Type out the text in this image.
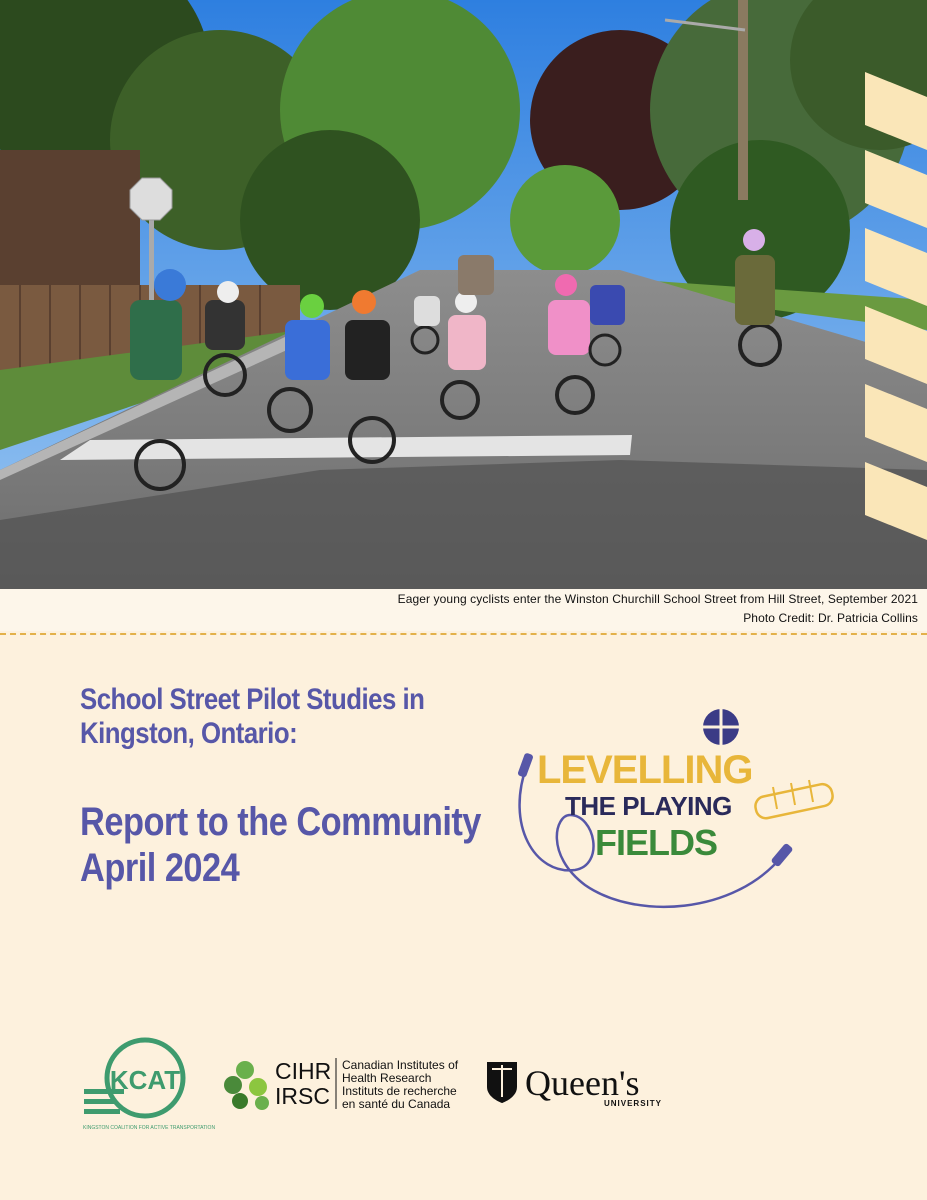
Eager young cyclists enter the Winston Churchill School Street from Hill Street, September 2021
Photo Credit: Dr. Patricia Collins
School Street Pilot Studies in
Kingston, Ontario:
Report to the Community
April 2024
LEVELLING
THE PLAYING
FIELDS
KCAT
KINGSTON COALITION FOR ACTIVE TRANSPORTATION
CIHR
IRSC
Canadian Institutes of
Health Research
Instituts de recherche
en santé du Canada
Queen's
UNIVERSITY
